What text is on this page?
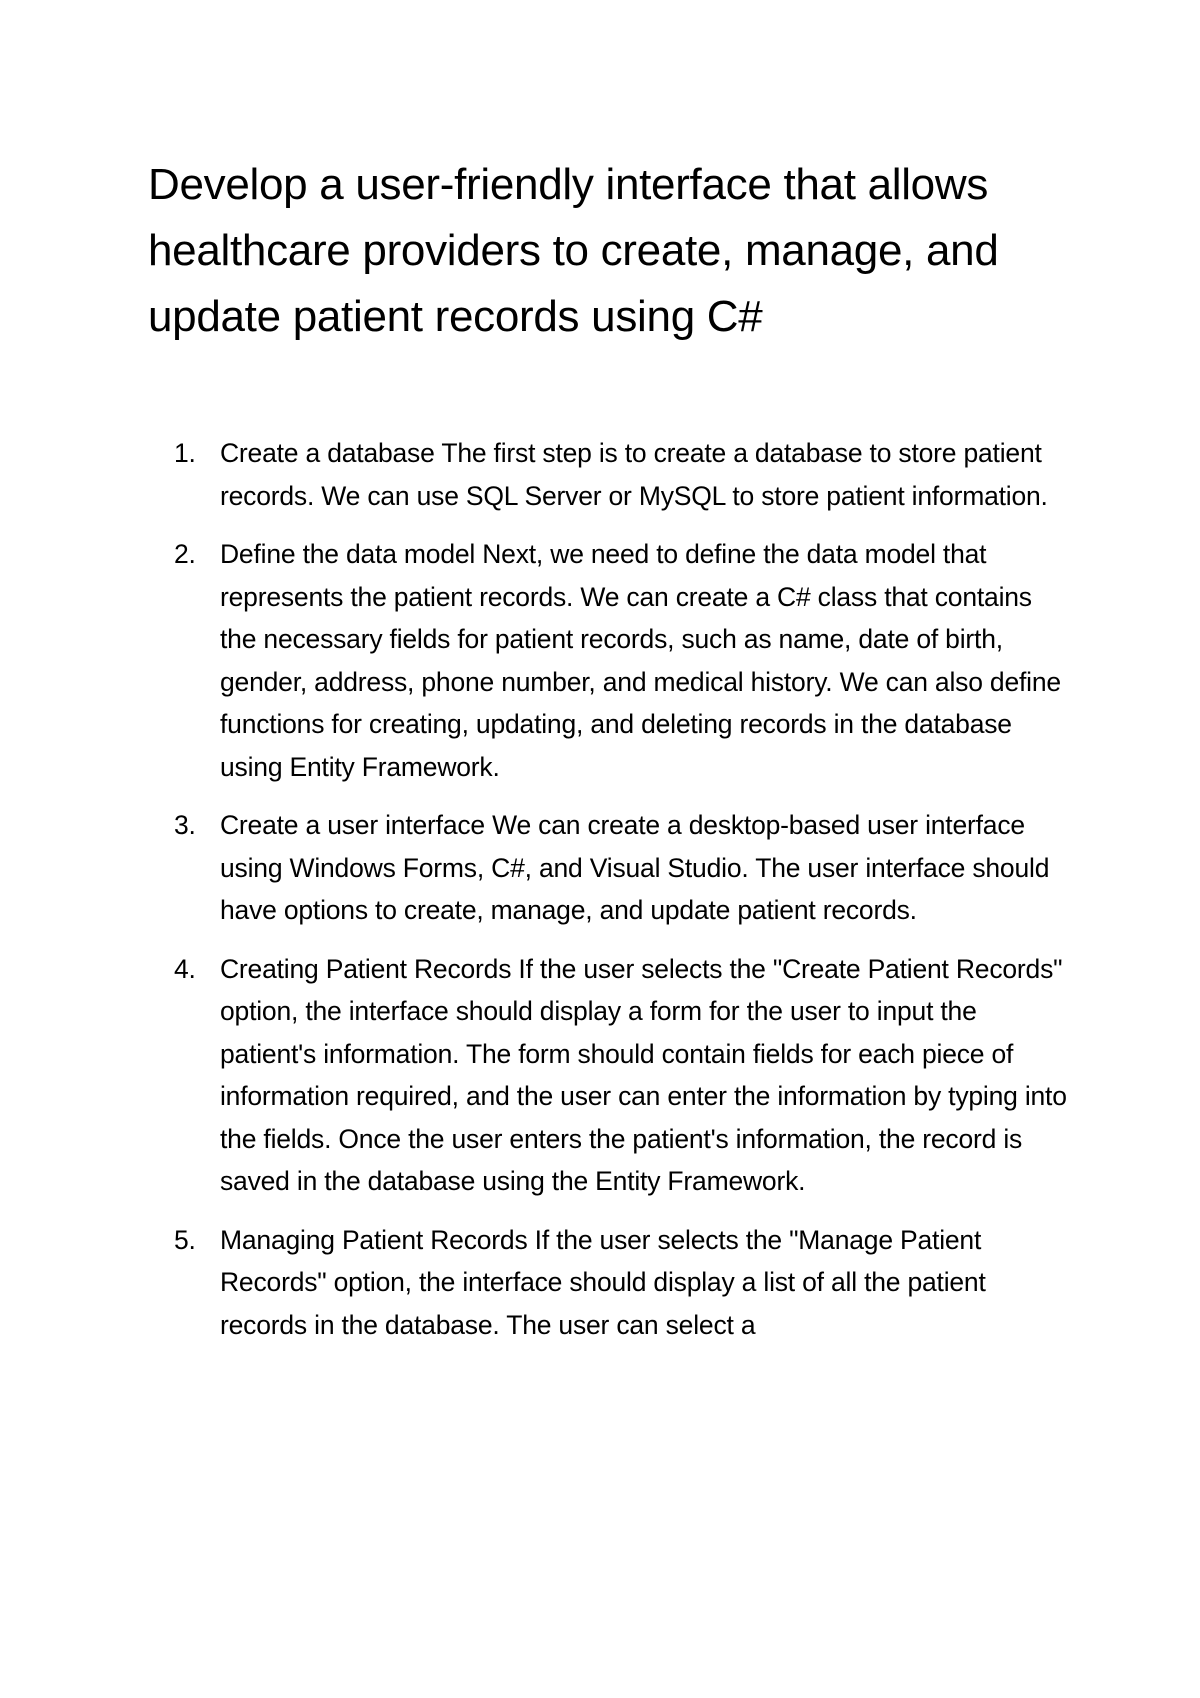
Develop a user-friendly interface that allows healthcare providers to create, manage, and update patient records using C#
1. Create a database The first step is to create a database to store patient records. We can use SQL Server or MySQL to store patient information.
2. Define the data model Next, we need to define the data model that represents the patient records. We can create a C# class that contains the necessary fields for patient records, such as name, date of birth, gender, address, phone number, and medical history. We can also define functions for creating, updating, and deleting records in the database using Entity Framework.
3. Create a user interface We can create a desktop-based user interface using Windows Forms, C#, and Visual Studio. The user interface should have options to create, manage, and update patient records.
4. Creating Patient Records If the user selects the "Create Patient Records" option, the interface should display a form for the user to input the patient's information. The form should contain fields for each piece of information required, and the user can enter the information by typing into the fields. Once the user enters the patient's information, the record is saved in the database using the Entity Framework.
5. Managing Patient Records If the user selects the "Manage Patient Records" option, the interface should display a list of all the patient records in the database. The user can select a
